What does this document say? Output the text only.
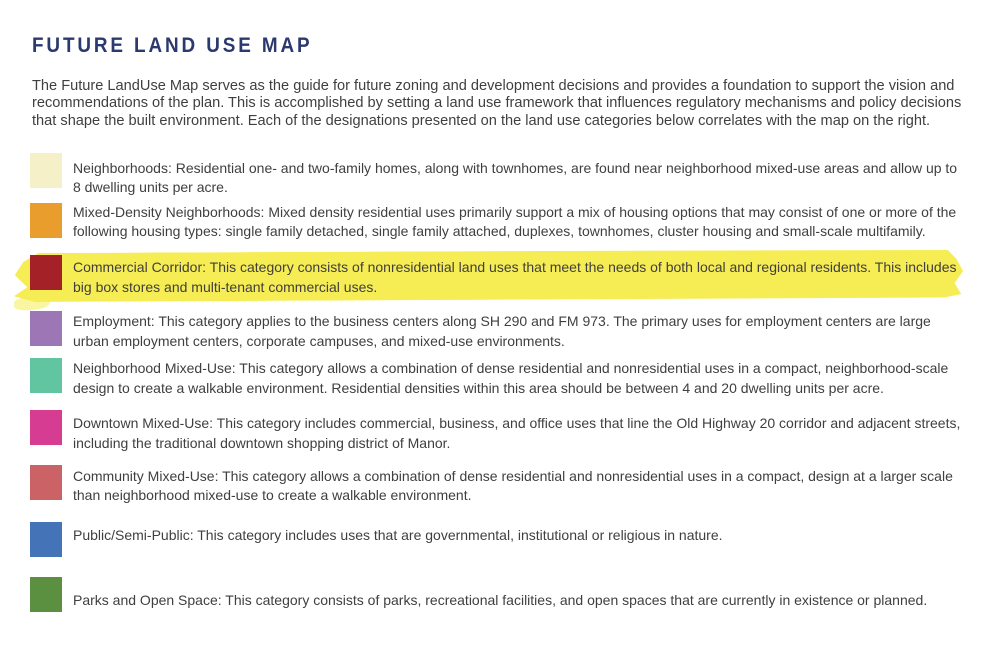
FUTURE LAND USE MAP

The Future LandUse Map serves as the guide for future zoning and development decisions and provides a foundation to support the vision and recommendations of the plan. This is accomplished by setting a land use framework that influences regulatory mechanisms and policy decisions that shape the built environment. Each of the designations presented on the land use categories below correlates with the map on the right.

Neighborhoods: Residential one- and two-family homes, along with townhomes, are found near neighborhood mixed-use areas and allow up to 8 dwelling units per acre.

Mixed-Density Neighborhoods: Mixed density residential uses primarily support a mix of housing options that may consist of one or more of the following housing types: single family detached, single family attached, duplexes, townhomes, cluster housing and small-scale multifamily.

Commercial Corridor: This category consists of nonresidential land uses that meet the needs of both local and regional residents. This includes big box stores and multi-tenant commercial uses.

Employment: This category applies to the business centers along SH 290 and FM 973. The primary uses for employment centers are large urban employment centers, corporate campuses, and mixed-use environments.

Neighborhood Mixed-Use: This category allows a combination of dense residential and nonresidential uses in a compact, neighborhood-scale design to create a walkable environment. Residential densities within this area should be between 4 and 20 dwelling units per acre.

Downtown Mixed-Use: This category includes commercial, business, and office uses that line the Old Highway 20 corridor and adjacent streets, including the traditional downtown shopping district of Manor.

Community Mixed-Use: This category allows a combination of dense residential and nonresidential uses in a compact, design at a larger scale than neighborhood mixed-use to create a walkable environment.

Public/Semi-Public: This category includes uses that are governmental, institutional or religious in nature.

Parks and Open Space: This category consists of parks, recreational facilities, and open spaces that are currently in existence or planned.
